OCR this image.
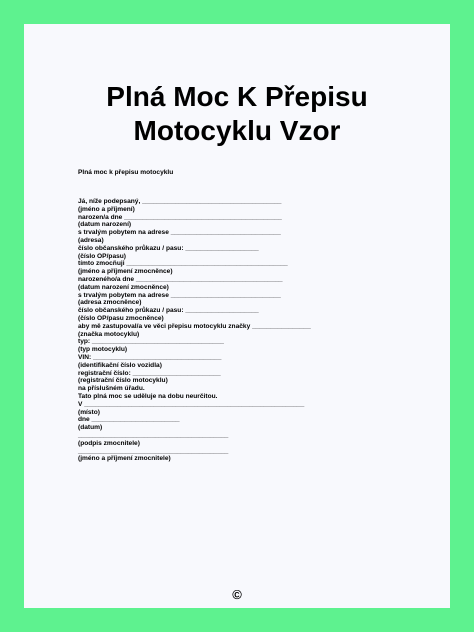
Plná Moc K Přepisu
Motocyklu Vzor

Plná moc k přepisu motocyklu

Já, níže podepsaný, ______________________________________
(jméno a příjmení)
narozen/a dne ___________________________________________
(datum narození)
s trvalým pobytem na adrese ______________________________
(adresa)
číslo občanského průkazu / pasu: ____________________
(číslo OP/pasu)
tímto zmocňuji ____________________________________________
(jméno a příjmení zmocněnce)
narozeného/a dne ________________________________________
(datum narození zmocněnce)
s trvalým pobytem na adrese ______________________________
(adresa zmocněnce)
číslo občanského průkazu / pasu: ____________________
(číslo OP/pasu zmocněnce)
aby mě zastupoval/a ve věci přepisu motocyklu značky ________________
(značka motocyklu)
typ: ____________________________________
(typ motocyklu)
VIN: ___________________________________
(identifikační číslo vozidla)
registrační číslo: ________________________
(registrační číslo motocyklu)
na příslušném úřadu.
Tato plná moc se uděluje na dobu neurčitou.
V ____________________________________________________________
(místo)
dne ________________________
(datum)
_________________________________________
(podpis zmocnitele)
_________________________________________
(jméno a příjmení zmocnitele)
©
